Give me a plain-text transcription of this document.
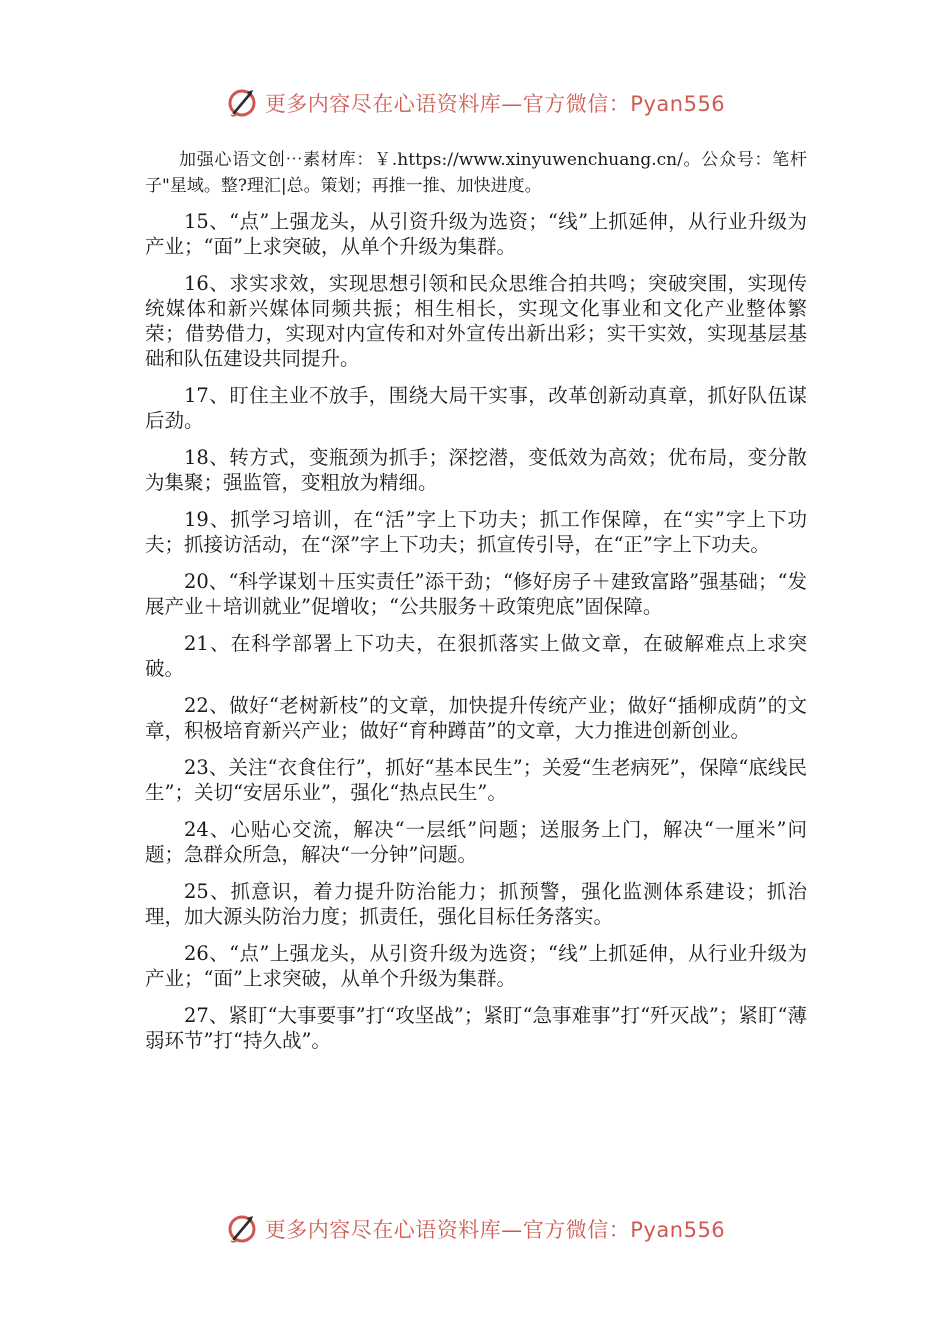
更多内容尽在心语资料库—官方微信：Pyan556

加强心语文创⋯素材库：￥.https://www.xinyuwenchuang.cn/。公众号：笔杆子"星域。整?理汇|总。策划；再推一推、加快进度。

15、“点”上强龙头，从引资升级为选资；“线”上抓延伸，从行业升级为产业；“面”上求突破，从单个升级为集群。

16、求实求效，实现思想引领和民众思维合拍共鸣；突破突围，实现传统媒体和新兴媒体同频共振；相生相长，实现文化事业和文化产业整体繁荣；借势借力，实现对内宣传和对外宣传出新出彩；实干实效，实现基层基础和队伍建设共同提升。

17、盯住主业不放手，围绕大局干实事，改革创新动真章，抓好队伍谋后劲。

18、转方式，变瓶颈为抓手；深挖潜，变低效为高效；优布局，变分散为集聚；强监管，变粗放为精细。

19、抓学习培训，在“活”字上下功夫；抓工作保障，在“实”字上下功夫；抓接访活动，在“深”字上下功夫；抓宣传引导，在“正”字上下功夫。

20、“科学谋划＋压实责任”添干劲；“修好房子＋建致富路”强基础；“发展产业＋培训就业”促增收；“公共服务＋政策兜底”固保障。

21、在科学部署上下功夫，在狠抓落实上做文章，在破解难点上求突破。

22、做好“老树新枝”的文章，加快提升传统产业；做好“插柳成荫”的文章，积极培育新兴产业；做好“育种蹲苗”的文章，大力推进创新创业。

23、关注“衣食住行”，抓好“基本民生”；关爱“生老病死”，保障“底线民生”；关切“安居乐业”，强化“热点民生”。

24、心贴心交流，解决“一层纸”问题；送服务上门，解决“一厘米”问题；急群众所急，解决“一分钟”问题。

25、抓意识，着力提升防治能力；抓预警，强化监测体系建设；抓治理，加大源头防治力度；抓责任，强化目标任务落实。

26、“点”上强龙头，从引资升级为选资；“线”上抓延伸，从行业升级为产业；“面”上求突破，从单个升级为集群。

27、紧盯“大事要事”打“攻坚战”；紧盯“急事难事”打“歼灭战”；紧盯“薄弱环节”打“持久战”。

更多内容尽在心语资料库—官方微信：Pyan556
